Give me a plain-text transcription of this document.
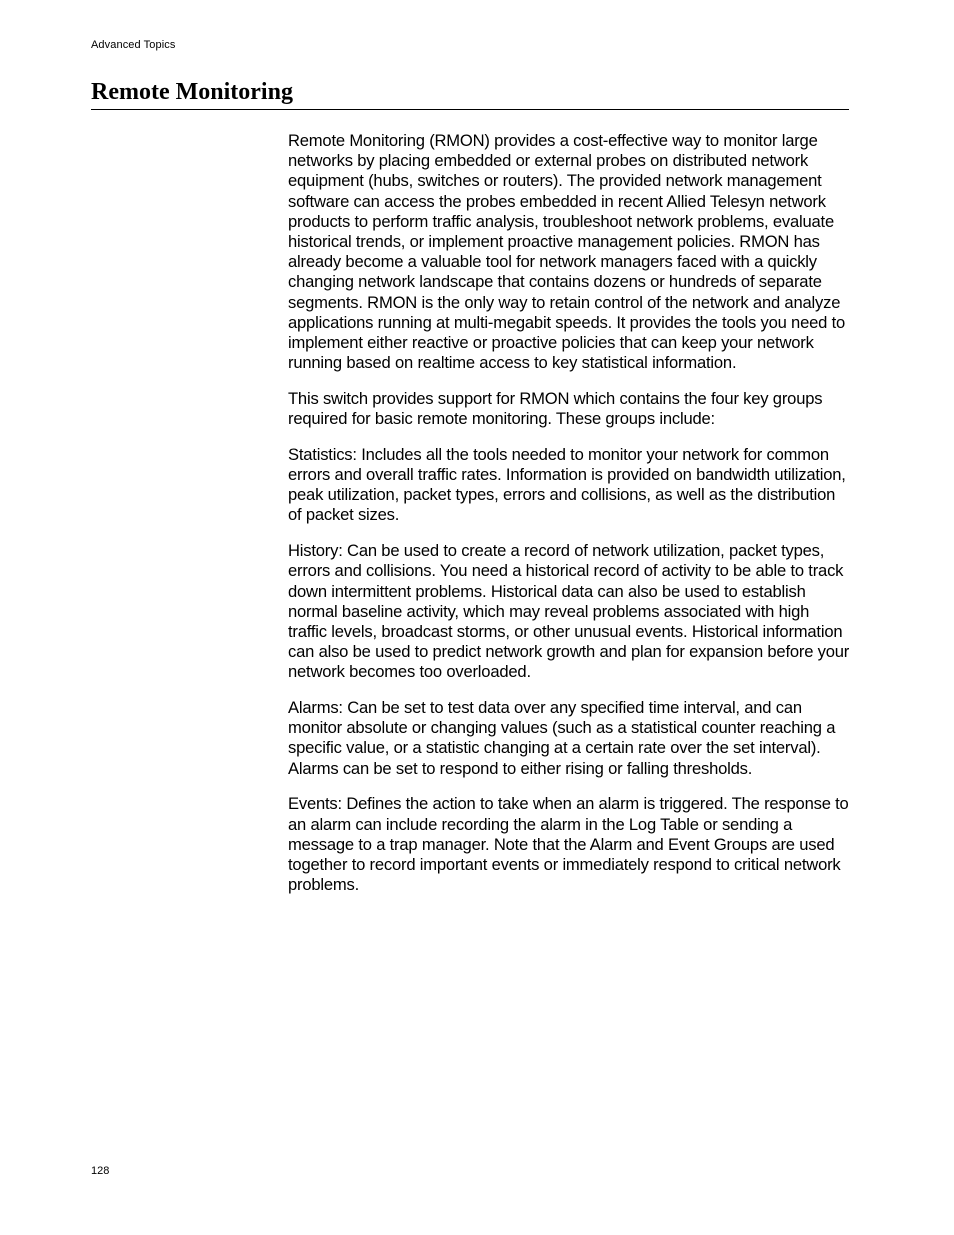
Advanced Topics
Remote Monitoring

Remote Monitoring (RMON) provides a cost-effective way to monitor large networks by placing embedded or external probes on distributed network equipment (hubs, switches or routers). The provided network management software can access the probes embedded in recent Allied Telesyn network products to perform traffic analysis, troubleshoot network problems, evaluate historical trends, or implement proactive management policies. RMON has already become a valuable tool for network managers faced with a quickly changing network landscape that contains dozens or hundreds of separate segments. RMON is the only way to retain control of the network and analyze applications running at multi-megabit speeds. It provides the tools you need to implement either reactive or proactive policies that can keep your network running based on realtime access to key statistical information.

This switch provides support for RMON which contains the four key groups required for basic remote monitoring. These groups include:

Statistics: Includes all the tools needed to monitor your network for common errors and overall traffic rates. Information is provided on bandwidth utilization, peak utilization, packet types, errors and collisions, as well as the distribution of packet sizes.

History: Can be used to create a record of network utilization, packet types, errors and collisions. You need a historical record of activity to be able to track down intermittent problems. Historical data can also be used to establish normal baseline activity, which may reveal problems associated with high traffic levels, broadcast storms, or other unusual events. Historical information can also be used to predict network growth and plan for expansion before your network becomes too overloaded.

Alarms: Can be set to test data over any specified time interval, and can monitor absolute or changing values (such as a statistical counter reaching a specific value, or a statistic changing at a certain rate over the set interval). Alarms can be set to respond to either rising or falling thresholds.

Events: Defines the action to take when an alarm is triggered. The response to an alarm can include recording the alarm in the Log Table or sending a message to a trap manager. Note that the Alarm and Event Groups are used together to record important events or immediately respond to critical network problems.

128
